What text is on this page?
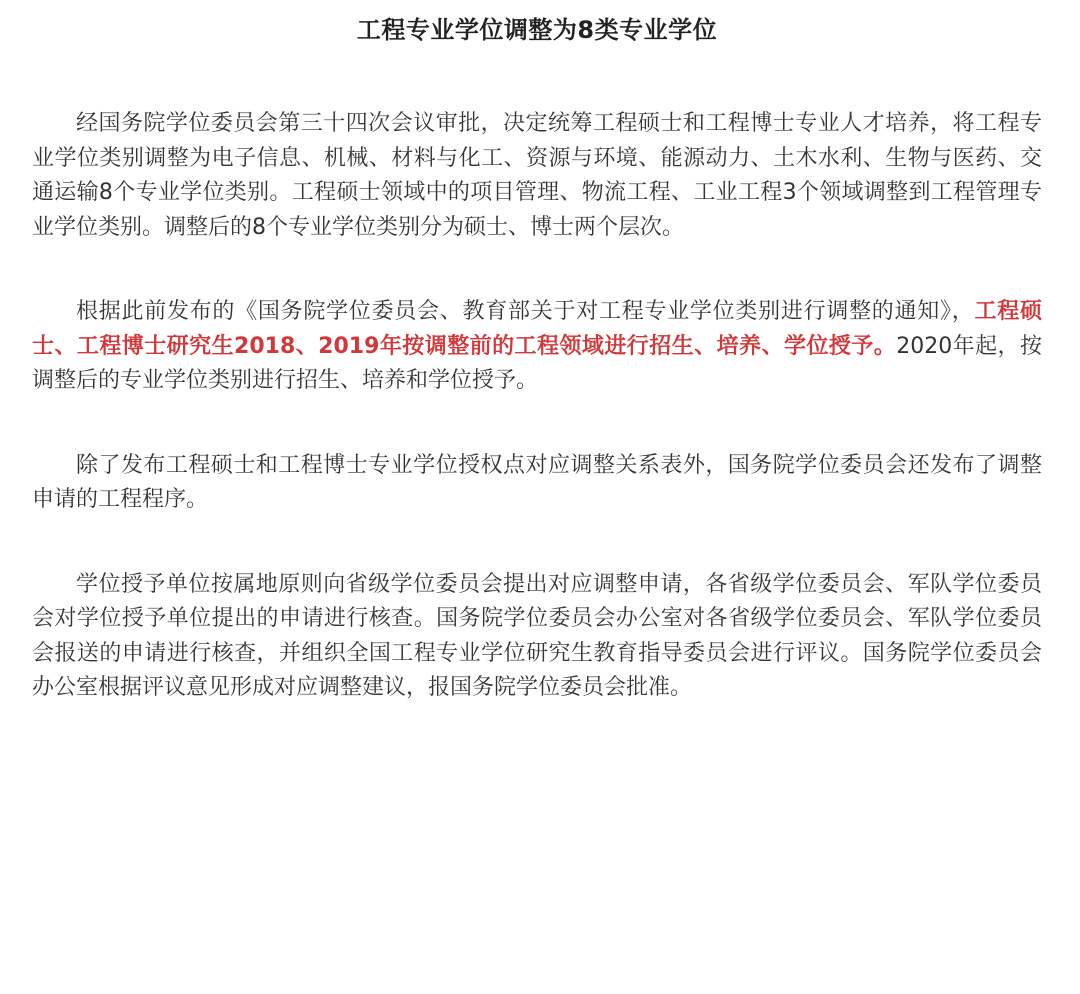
工程专业学位调整为8类专业学位

经国务院学位委员会第三十四次会议审批，决定统筹工程硕士和工程博士专业人才培养，将工程专业学位类别调整为电子信息、机械、材料与化工、资源与环境、能源动力、土木水利、生物与医药、交通运输8个专业学位类别。工程硕士领域中的项目管理、物流工程、工业工程3个领域调整到工程管理专业学位类别。调整后的8个专业学位类别分为硕士、博士两个层次。

根据此前发布的《国务院学位委员会、教育部关于对工程专业学位类别进行调整的通知》，工程硕士、工程博士研究生2018、2019年按调整前的工程领域进行招生、培养、学位授予。2020年起，按调整后的专业学位类别进行招生、培养和学位授予。

除了发布工程硕士和工程博士专业学位授权点对应调整关系表外，国务院学位委员会还发布了调整申请的工程程序。

学位授予单位按属地原则向省级学位委员会提出对应调整申请，各省级学位委员会、军队学位委员会对学位授予单位提出的申请进行核查。国务院学位委员会办公室对各省级学位委员会、军队学位委员会报送的申请进行核查，并组织全国工程专业学位研究生教育指导委员会进行评议。国务院学位委员会办公室根据评议意见形成对应调整建议，报国务院学位委员会批准。
